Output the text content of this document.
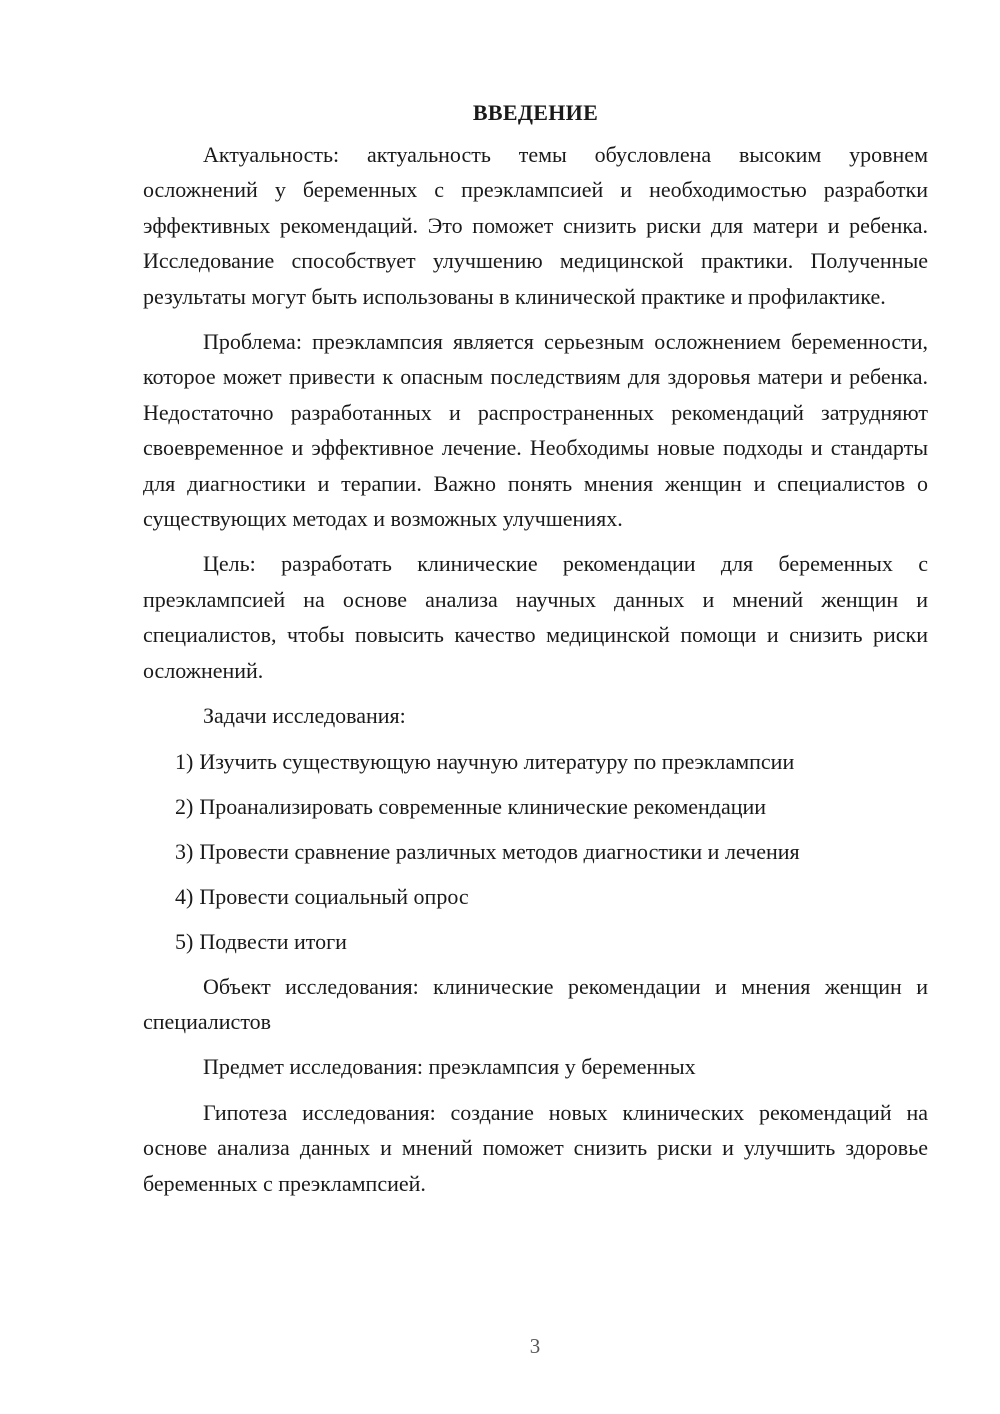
ВВЕДЕНИЕ

Актуальность: актуальность темы обусловлена высоким уровнем осложнений у беременных с преэклампсией и необходимостью разработки эффективных рекомендаций. Это поможет снизить риски для матери и ребенка. Исследование способствует улучшению медицинской практики. Полученные результаты могут быть использованы в клинической практике и профилактике.

Проблема: преэклампсия является серьезным осложнением беременности, которое может привести к опасным последствиям для здоровья матери и ребенка. Недостаточно разработанных и распространенных рекомендаций затрудняют своевременное и эффективное лечение. Необходимы новые подходы и стандарты для диагностики и терапии. Важно понять мнения женщин и специалистов о существующих методах и возможных улучшениях.

Цель: разработать клинические рекомендации для беременных с преэклампсией на основе анализа научных данных и мнений женщин и специалистов, чтобы повысить качество медицинской помощи и снизить риски осложнений.

Задачи исследования:

1) Изучить существующую научную литературу по преэклампсии
2) Проанализировать современные клинические рекомендации
3) Провести сравнение различных методов диагностики и лечения
4) Провести социальный опрос
5) Подвести итоги

Объект исследования: клинические рекомендации и мнения женщин и специалистов

Предмет исследования: преэклампсия у беременных

Гипотеза исследования: создание новых клинических рекомендаций на основе анализа данных и мнений поможет снизить риски и улучшить здоровье беременных с преэклампсией.

3
